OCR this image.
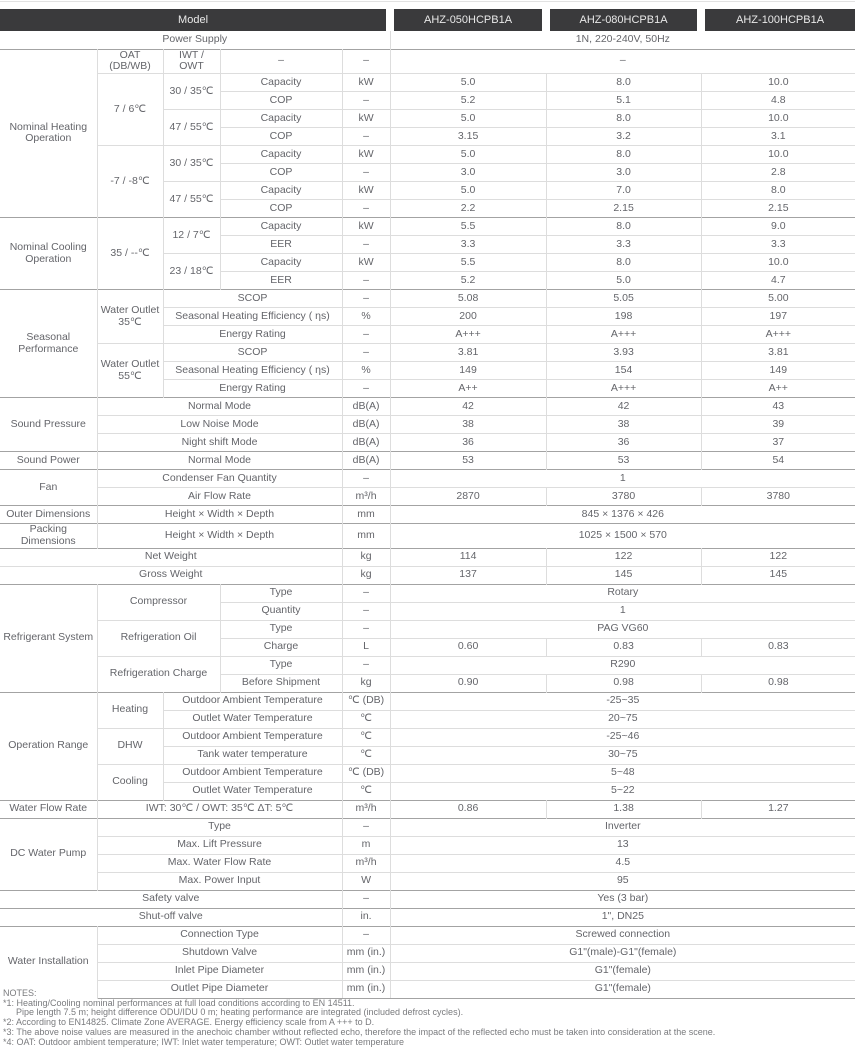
Model					AHZ-050HCPB1A	AHZ-080HCPB1A	AHZ-100HCPB1A
Power Supply					1N, 220-240V, 50Hz		
Nominal Heating Operation	OAT (DB/WB)	IWT / OWT	–	–	–		
	7 / 6℃	30 / 35℃	Capacity	kW	5.0	8.0	10.0
			COP	–	5.2	5.1	4.8
		47 / 55℃	Capacity	kW	5.0	8.0	10.0
			COP	–	3.15	3.2	3.1
	-7 / -8℃	30 / 35℃	Capacity	kW	5.0	8.0	10.0
			COP	–	3.0	3.0	2.8
		47 / 55℃	Capacity	kW	5.0	7.0	8.0
			COP	–	2.2	2.15	2.15
Nominal Cooling Operation	35 / --℃	12 / 7℃	Capacity	kW	5.5	8.0	9.0
			EER	–	3.3	3.3	3.3
		23 / 18℃	Capacity	kW	5.5	8.0	10.0
			EER	–	5.2	5.0	4.7
Seasonal Performance	Water Outlet 35℃	SCOP		–	5.08	5.05	5.00
		Seasonal Heating Efficiency ( ηs)		%	200	198	197
		Energy Rating		–	A+++	A+++	A+++
	Water Outlet 55℃	SCOP		–	3.81	3.93	3.81
		Seasonal Heating Efficiency ( ηs)		%	149	154	149
		Energy Rating		–	A++	A+++	A++
Sound Pressure	Normal Mode			dB(A)	42	42	43
	Low Noise Mode			dB(A)	38	38	39
	Night shift Mode			dB(A)	36	36	37
Sound Power	Normal Mode			dB(A)	53	53	54
Fan	Condenser Fan Quantity			–	1		
	Air Flow Rate			m³/h	2870	3780	3780
Outer Dimensions	Height × Width × Depth			mm	845 × 1376 × 426		
Packing Dimensions	Height × Width × Depth			mm	1025 × 1500 × 570		
Net Weight				kg	114	122	122
Gross Weight				kg	137	145	145
Refrigerant System	Compressor		Type	–	Rotary		
			Quantity	–	1		
	Refrigeration Oil		Type	–	PAG VG60		
			Charge	L	0.60	0.83	0.83
	Refrigeration Charge		Type	–	R290		
			Before Shipment	kg	0.90	0.98	0.98
Operation Range	Heating	Outdoor Ambient Temperature		℃ (DB)	-25~35		
		Outlet Water Temperature		℃	20~75		
	DHW	Outdoor Ambient Temperature		℃	-25~46		
		Tank water temperature		℃	30~75		
	Cooling	Outdoor Ambient Temperature		℃ (DB)	5~48		
		Outlet Water Temperature		℃	5~22		
Water Flow Rate	IWT: 30℃ / OWT: 35℃ ΔT: 5℃			m³/h	0.86	1.38	1.27
DC Water Pump	Type			–	Inverter		
	Max. Lift Pressure			m	13		
	Max. Water Flow Rate			m³/h	4.5		
	Max. Power Input			W	95		
Safety valve				–	Yes (3 bar)		
Shut-off valve				in.	1", DN25		
Water Installation	Connection Type			–	Screwed connection		
	Shutdown Valve			mm (in.)	G1"(male)-G1"(female)		
	Inlet Pipe Diameter			mm (in.)	G1"(female)		
	Outlet Pipe Diameter			mm (in.)	G1"(female)		
NOTES:
*1: Heating/Cooling nominal performances at full load conditions according to EN 14511.
Pipe length 7.5 m; height difference ODU/IDU 0 m; heating performance are integrated (included defrost cycles).
*2: According to EN14825. Climate Zone AVERAGE. Energy efficiency scale from A +++ to D.
*3: The above noise values are measured in the anechoic chamber without reflected echo, therefore the impact of the reflected echo must be taken into consideration at the scene.
*4: OAT: Outdoor ambient temperature; IWT: Inlet water temperature; OWT: Outlet water temperature
